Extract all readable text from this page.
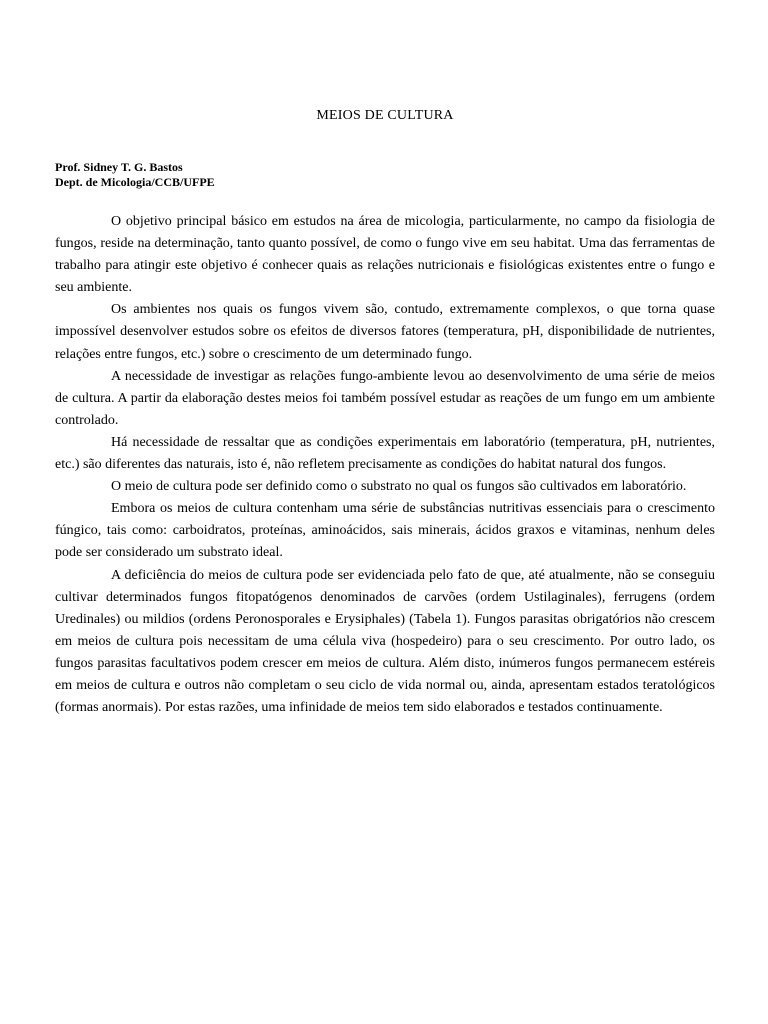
MEIOS DE CULTURA
Prof. Sidney T. G. Bastos
Dept. de Micologia/CCB/UFPE

O objetivo principal básico em estudos na área de micologia, particularmente, no campo da fisiologia de fungos, reside na determinação, tanto quanto possível, de como o fungo vive em seu habitat. Uma das ferramentas de trabalho para atingir este objetivo é conhecer quais as relações nutricionais e fisiológicas existentes entre o fungo e seu ambiente.

Os ambientes nos quais os fungos vivem são, contudo, extremamente complexos, o que torna quase impossível desenvolver estudos sobre os efeitos de diversos fatores (temperatura, pH, disponibilidade de nutrientes, relações entre fungos, etc.) sobre o crescimento de um determinado fungo.

A necessidade de investigar as relações fungo-ambiente levou ao desenvolvimento de uma série de meios de cultura. A partir da elaboração destes meios foi também possível estudar as reações de um fungo em um ambiente controlado.

Há necessidade de ressaltar que as condições experimentais em laboratório (temperatura, pH, nutrientes, etc.) são diferentes das naturais, isto é, não refletem precisamente as condições do habitat natural dos fungos.

O meio de cultura pode ser definido como o substrato no qual os fungos são cultivados em laboratório.

Embora os meios de cultura contenham uma série de substâncias nutritivas essenciais para o crescimento fúngico, tais como: carboidratos, proteínas, aminoácidos, sais minerais, ácidos graxos e vitaminas, nenhum deles pode ser considerado um substrato ideal.

A deficiência do meios de cultura pode ser evidenciada pelo fato de que, até atualmente, não se conseguiu cultivar determinados fungos fitopatógenos denominados de carvões (ordem Ustilaginales), ferrugens (ordem Uredinales) ou mildios (ordens Peronosporales e Erysiphales) (Tabela 1). Fungos parasitas obrigatórios não crescem em meios de cultura pois necessitam de uma célula viva (hospedeiro) para o seu crescimento. Por outro lado, os fungos parasitas facultativos podem crescer em meios de cultura. Além disto, inúmeros fungos permanecem estéreis em meios de cultura e outros não completam o seu ciclo de vida normal ou, ainda, apresentam estados teratológicos (formas anormais). Por estas razões, uma infinidade de meios tem sido elaborados e testados continuamente.
